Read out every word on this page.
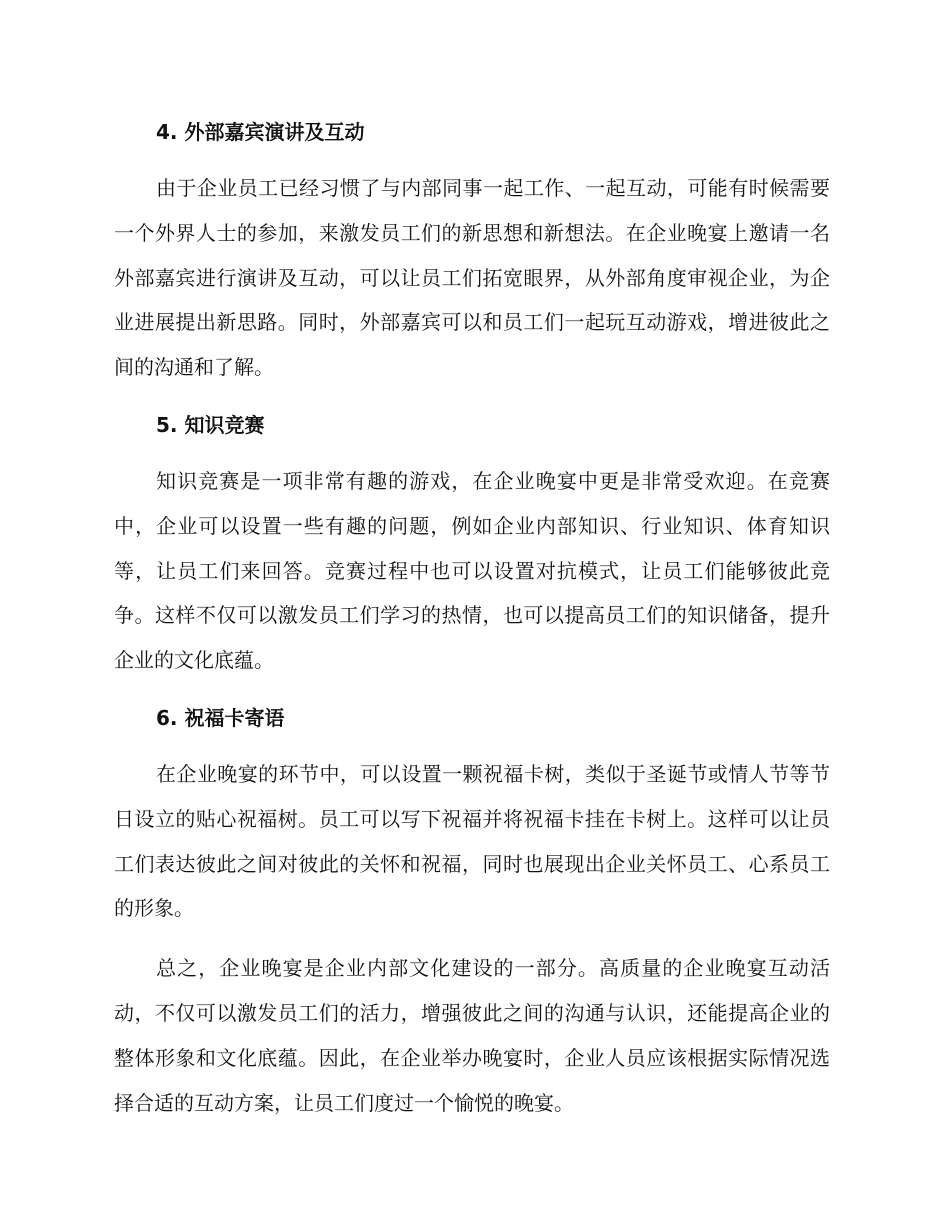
4. 外部嘉宾演讲及互动

由于企业员工已经习惯了与内部同事一起工作、一起互动，可能有时候需要一个外界人士的参加，来激发员工们的新思想和新想法。在企业晚宴上邀请一名外部嘉宾进行演讲及互动，可以让员工们拓宽眼界，从外部角度审视企业，为企业进展提出新思路。同时，外部嘉宾可以和员工们一起玩互动游戏，增进彼此之间的沟通和了解。

5. 知识竞赛

知识竞赛是一项非常有趣的游戏，在企业晚宴中更是非常受欢迎。在竞赛中，企业可以设置一些有趣的问题，例如企业内部知识、行业知识、体育知识等，让员工们来回答。竞赛过程中也可以设置对抗模式，让员工们能够彼此竞争。这样不仅可以激发员工们学习的热情，也可以提高员工们的知识储备，提升企业的文化底蕴。

6. 祝福卡寄语

在企业晚宴的环节中，可以设置一颗祝福卡树，类似于圣诞节或情人节等节日设立的贴心祝福树。员工可以写下祝福并将祝福卡挂在卡树上。这样可以让员工们表达彼此之间对彼此的关怀和祝福，同时也展现出企业关怀员工、心系员工的形象。

总之，企业晚宴是企业内部文化建设的一部分。高质量的企业晚宴互动活动，不仅可以激发员工们的活力，增强彼此之间的沟通与认识，还能提高企业的整体形象和文化底蕴。因此，在企业举办晚宴时，企业人员应该根据实际情况选择合适的互动方案，让员工们度过一个愉悦的晚宴。
